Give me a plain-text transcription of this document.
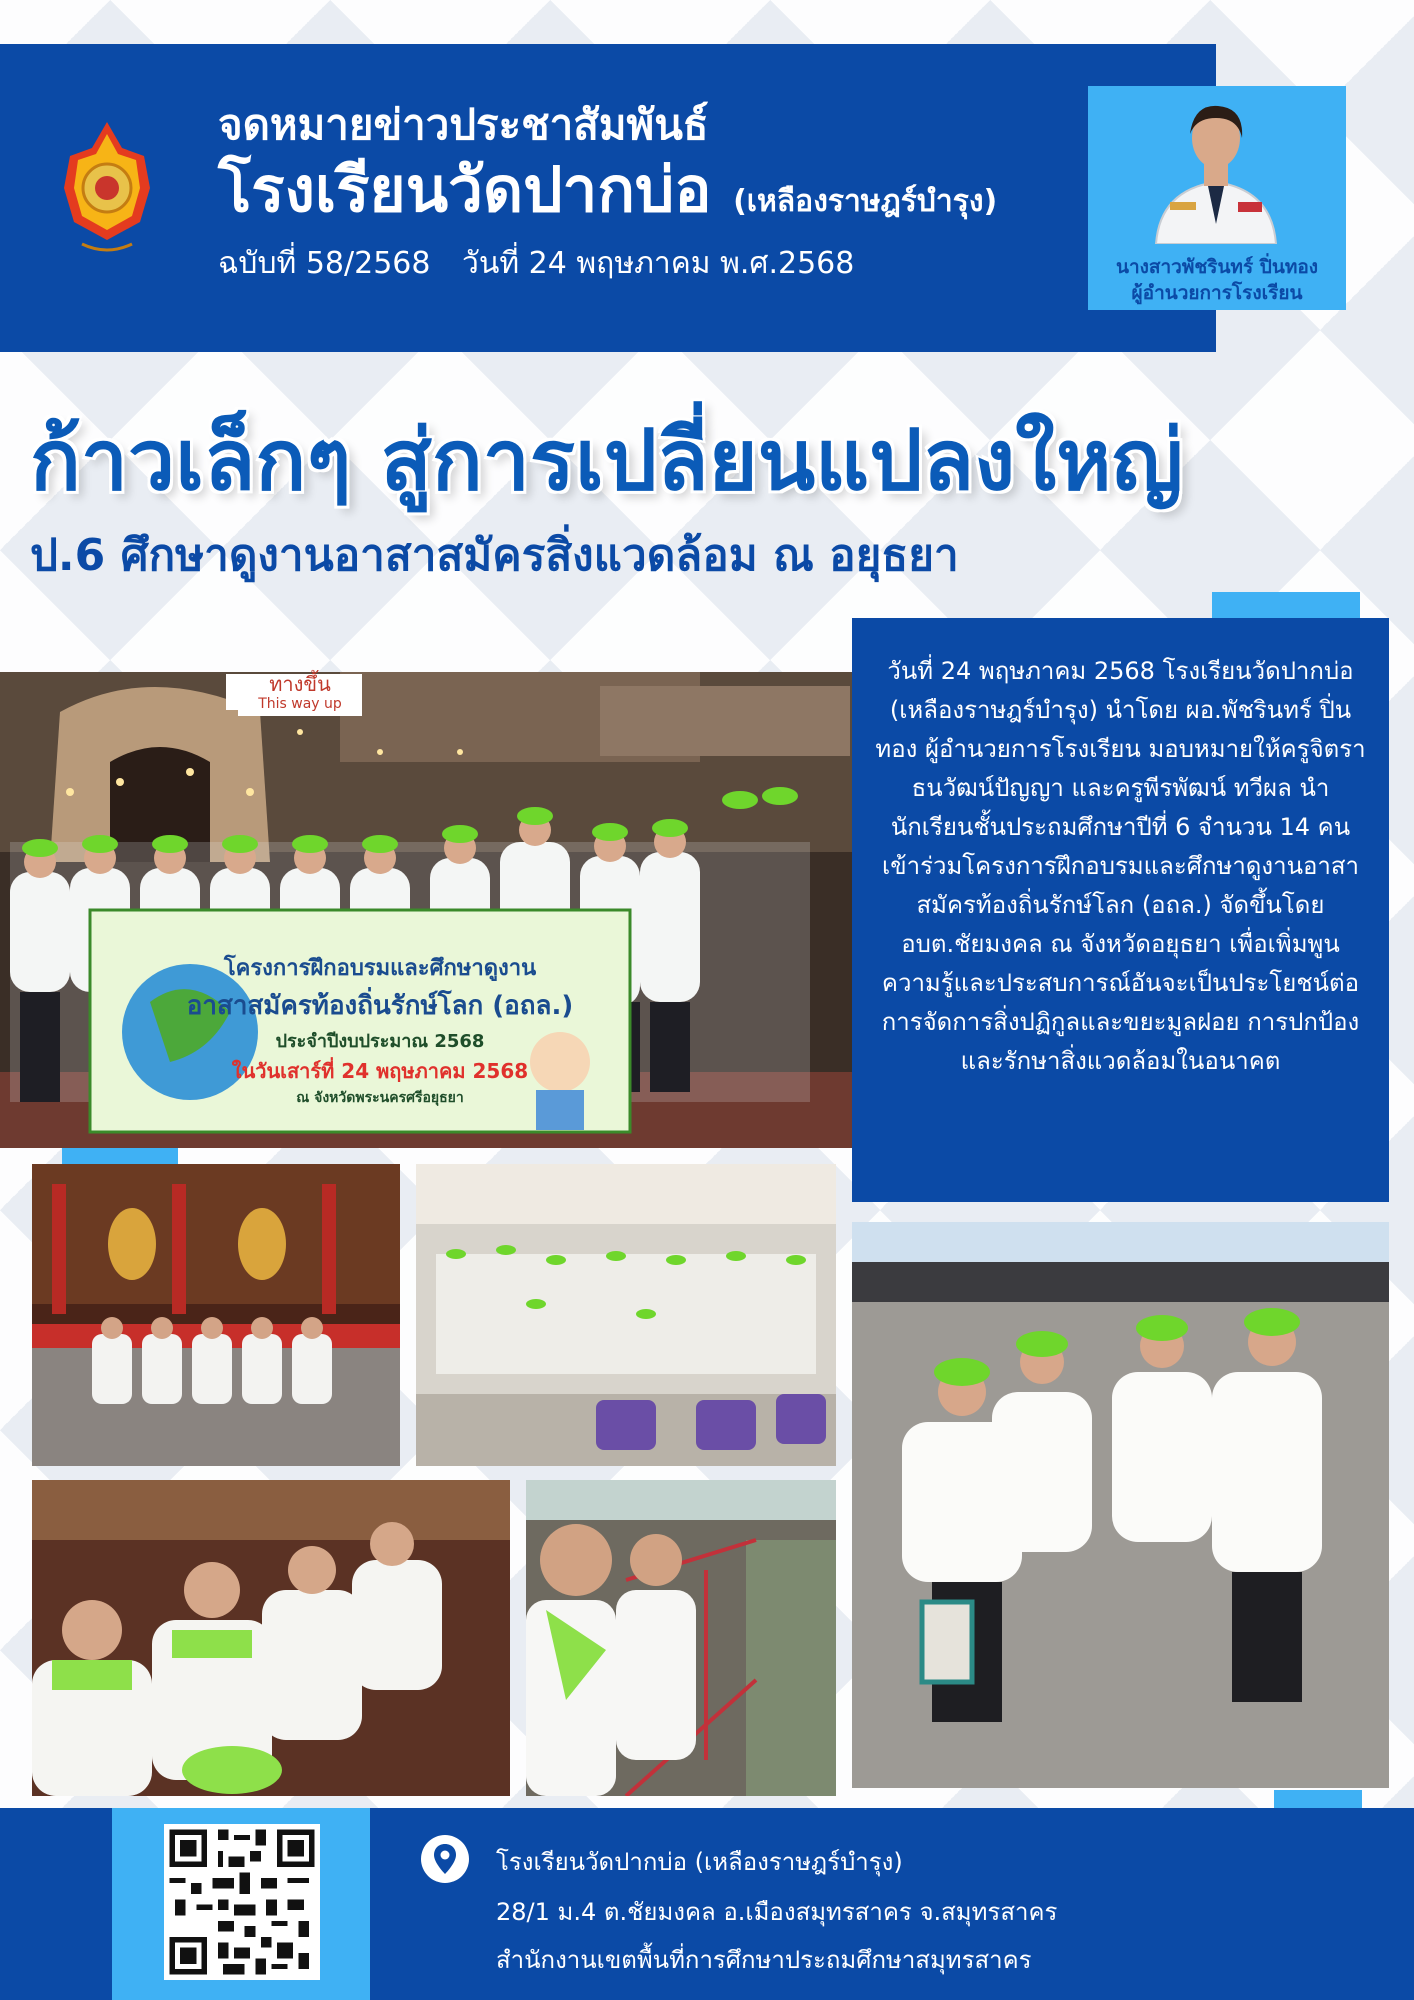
จดหมายข่าวประชาสัมพันธ์

โรงเรียนวัดปากบ่อ (เหลืองราษฎร์บำรุง)

ฉบับที่ 58/2568 วันที่ 24 พฤษภาคม พ.ศ.2568	นางสาวพัชรินทร์ ปิ่นทอง
ผู้อำนวยการโรงเรียน
ก้าวเล็กๆ สู่การเปลี่ยนแปลงใหญ่
ป.6 ศึกษาดูงานอาสาสมัครสิ่งแวดล้อม ณ อยุธยา
ทางขึ้น
This way up
โครงการฝึกอบรมและศึกษาดูงาน
อาสาสมัครท้องถิ่นรักษ์โลก (อถล.)
ประจำปีงบประมาณ 2568
ในวันเสาร์ที่ 24 พฤษภาคม 2568
ณ จังหวัดพระนครศรีอยุธยา

วันที่ 24 พฤษภาคม 2568 โรงเรียนวัดปากบ่อ (เหลืองราษฎร์บำรุง) นำโดย ผอ.พัชรินทร์ ปิ่นทอง ผู้อำนวยการโรงเรียน มอบหมายให้ครูจิตรา ธนวัฒน์ปัญญา และครูพีรพัฒน์ ทวีผล นำนักเรียนชั้นประถมศึกษาปีที่ 6 จำนวน 14 คน เข้าร่วมโครงการฝึกอบรมและศึกษาดูงานอาสาสมัครท้องถิ่นรักษ์โลก (อถล.) จัดขึ้นโดย อบต.ชัยมงคล ณ จังหวัดอยุธยา เพื่อเพิ่มพูนความรู้และประสบการณ์อันจะเป็นประโยชน์ต่อการจัดการสิ่งปฏิกูลและขยะมูลฝอย การปกป้องและรักษาสิ่งแวดล้อมในอนาคต

โรงเรียนวัดปากบ่อ (เหลืองราษฎร์บำรุง)
28/1 ม.4 ต.ชัยมงคล อ.เมืองสมุทรสาคร จ.สมุทรสาคร
สำนักงานเขตพื้นที่การศึกษาประถมศึกษาสมุทรสาคร
